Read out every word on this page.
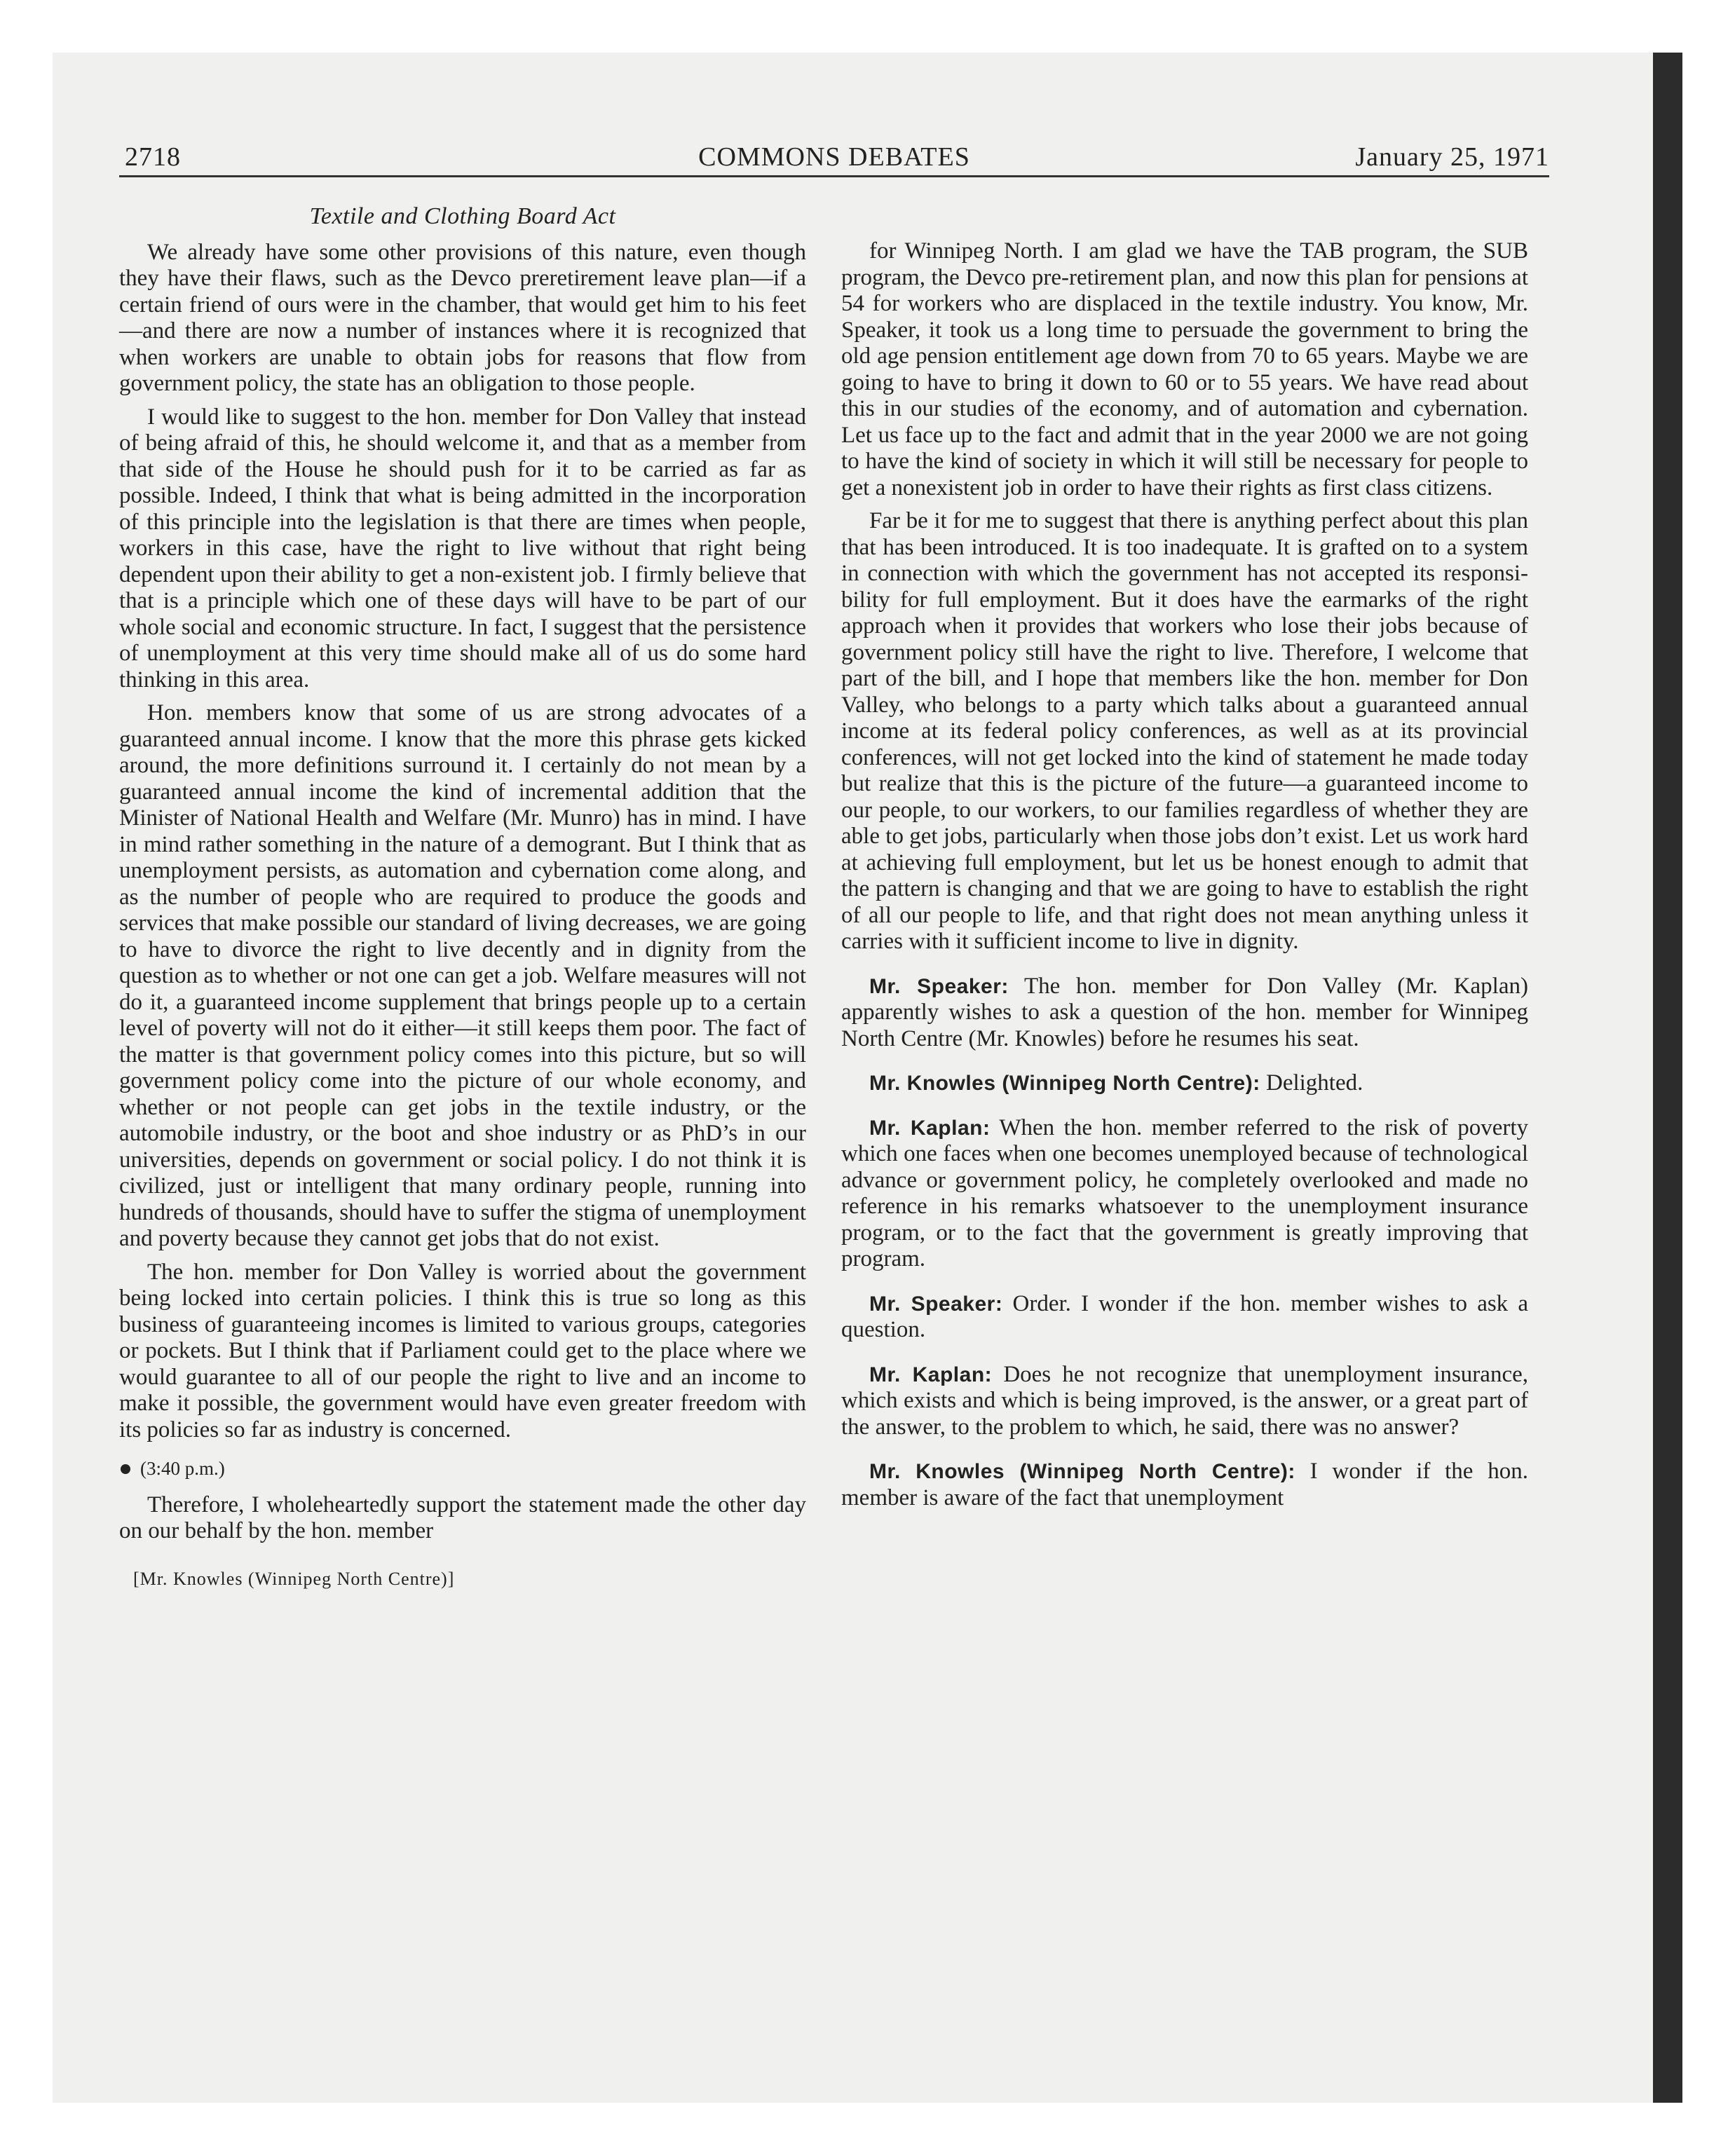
2718	COMMONS DEBATES	January 25, 1971
Textile and Clothing Board Act

We already have some other provisions of this nature, even though they have their flaws, such as the Devco preretirement leave plan—if a certain friend of ours were in the chamber, that would get him to his feet—and there are now a number of instances where it is recognized that when workers are unable to obtain jobs for reasons that flow from government policy, the state has an obligation to those people.

I would like to suggest to the hon. member for Don Valley that instead of being afraid of this, he should welcome it, and that as a member from that side of the House he should push for it to be carried as far as possible. Indeed, I think that what is being admitted in the incorporation of this principle into the legislation is that there are times when people, workers in this case, have the right to live without that right being dependent upon their ability to get a non-existent job. I firmly believe that that is a principle which one of these days will have to be part of our whole social and economic structure. In fact, I suggest that the persistence of unemployment at this very time should make all of us do some hard thinking in this area.

Hon. members know that some of us are strong advocates of a guaranteed annual income. I know that the more this phrase gets kicked around, the more definitions surround it. I certainly do not mean by a guaranteed annual income the kind of incremental addition that the Minister of National Health and Welfare (Mr. Munro) has in mind. I have in mind rather something in the nature of a demogrant. But I think that as unemployment persists, as automation and cybernation come along, and as the number of people who are required to produce the goods and services that make possible our standard of living decreases, we are going to have to divorce the right to live decently and in dignity from the question as to whether or not one can get a job. Welfare measures will not do it, a guaranteed income supplement that brings people up to a certain level of poverty will not do it either—it still keeps them poor. The fact of the matter is that government policy comes into this picture, but so will government policy come into the picture of our whole economy, and whether or not people can get jobs in the textile industry, or the automobile industry, or the boot and shoe industry or as PhD’s in our universities, depends on government or social policy. I do not think it is civilized, just or intelligent that many ordinary people, running into hundreds of thousands, should have to suffer the stigma of unemployment and poverty because they cannot get jobs that do not exist.

The hon. member for Don Valley is worried about the government being locked into certain policies. I think this is true so long as this business of guaranteeing incomes is limited to various groups, categories or pockets. But I think that if Parliament could get to the place where we would guarantee to all of our people the right to live and an income to make it possible, the government would have even greater freedom with its policies so far as industry is concerned.

(3:40 p.m.)

Therefore, I wholeheartedly support the statement made the other day on our behalf by the hon. member

[Mr. Knowles (Winnipeg North Centre)]

for Winnipeg North. I am glad we have the TAB program, the SUB program, the Devco pre-retirement plan, and now this plan for pensions at 54 for workers who are displaced in the textile industry. You know, Mr. Speaker, it took us a long time to persuade the government to bring the old age pension entitlement age down from 70 to 65 years. Maybe we are going to have to bring it down to 60 or to 55 years. We have read about this in our studies of the economy, and of automation and cybernation. Let us face up to the fact and admit that in the year 2000 we are not going to have the kind of society in which it will still be necessary for people to get a nonexistent job in order to have their rights as first class citizens.

Far be it for me to suggest that there is anything perfect about this plan that has been introduced. It is too inadequate. It is grafted on to a system in connection with which the government has not accepted its responsibility for full employment. But it does have the earmarks of the right approach when it provides that workers who lose their jobs because of government policy still have the right to live. Therefore, I welcome that part of the bill, and I hope that members like the hon. member for Don Valley, who belongs to a party which talks about a guaranteed annual income at its federal policy conferences, as well as at its provincial conferences, will not get locked into the kind of statement he made today but realize that this is the picture of the future—a guaranteed income to our people, to our workers, to our families regardless of whether they are able to get jobs, particularly when those jobs don’t exist. Let us work hard at achieving full employment, but let us be honest enough to admit that the pattern is changing and that we are going to have to establish the right of all our people to life, and that right does not mean anything unless it carries with it sufficient income to live in dignity.

Mr. Speaker: The hon. member for Don Valley (Mr. Kaplan) apparently wishes to ask a question of the hon. member for Winnipeg North Centre (Mr. Knowles) before he resumes his seat.

Mr. Knowles (Winnipeg North Centre): Delighted.

Mr. Kaplan: When the hon. member referred to the risk of poverty which one faces when one becomes unemployed because of technological advance or government policy, he completely overlooked and made no reference in his remarks whatsoever to the unemployment insurance program, or to the fact that the government is greatly improving that program.

Mr. Speaker: Order. I wonder if the hon. member wishes to ask a question.

Mr. Kaplan: Does he not recognize that unemployment insurance, which exists and which is being improved, is the answer, or a great part of the answer, to the problem to which, he said, there was no answer?

Mr. Knowles (Winnipeg North Centre): I wonder if the hon. member is aware of the fact that unemployment
